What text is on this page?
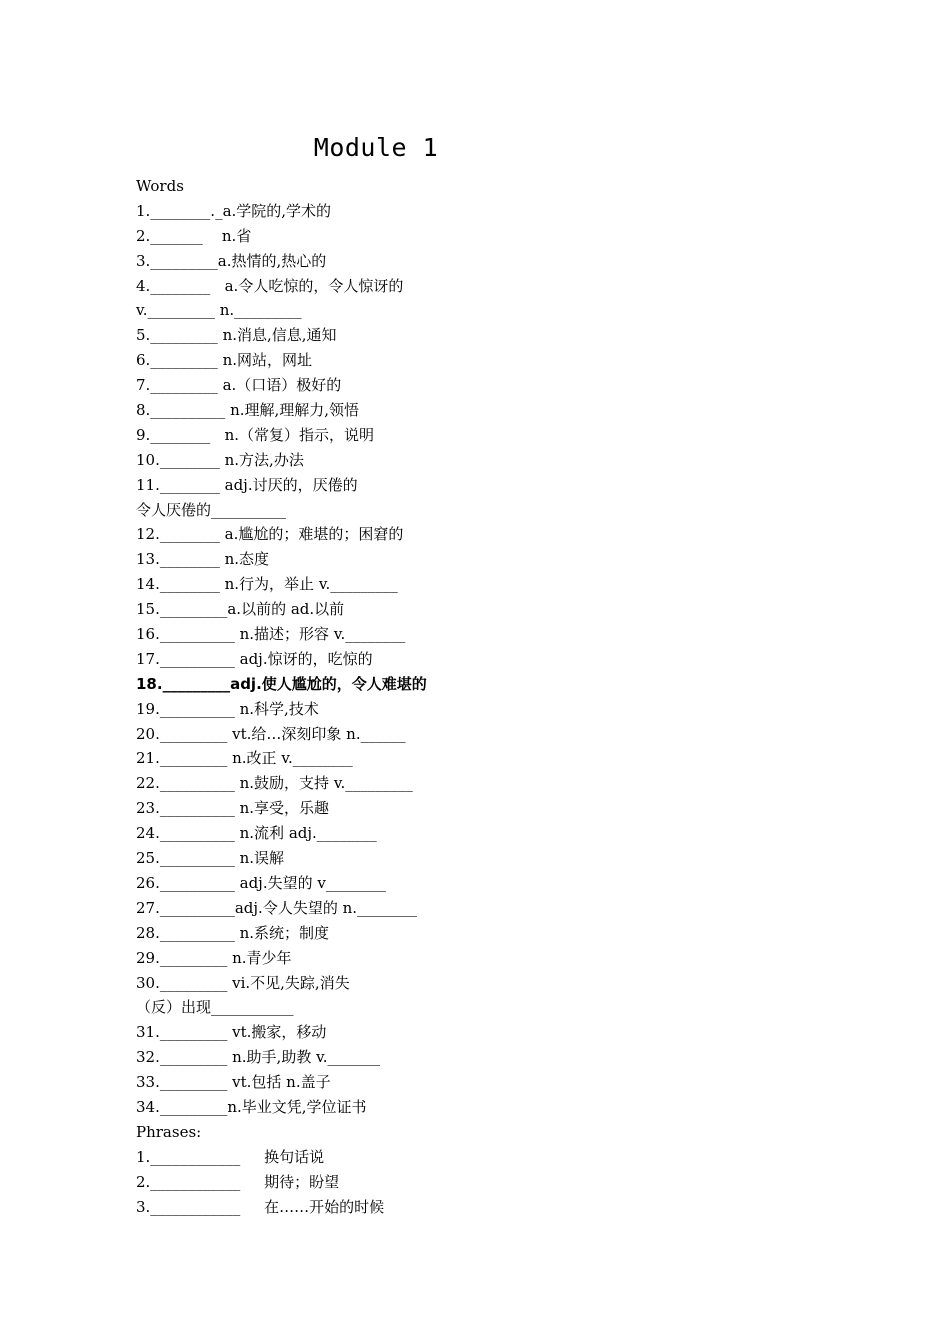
Module 1
Words
1.________._a.学院的,学术的
2._______    n.省
3._________a.热情的,热心的
4.________   a.令人吃惊的，令人惊讶的
v._________ n._________
5._________ n.消息,信息,通知
6._________ n.网站，网址
7._________ a.（口语）极好的
8.__________ n.理解,理解力,领悟
9.________   n.（常复）指示，说明
10.________ n.方法,办法
11.________ adj.讨厌的，厌倦的
令人厌倦的__________
12.________ a.尴尬的；难堪的；困窘的
13.________ n.态度
14.________ n.行为，举止 v._________
15._________a.以前的 ad.以前
16.__________ n.描述；形容 v.________
17.__________ adj.惊讶的，吃惊的
18._________adj.使人尴尬的，令人难堪的
19.__________ n.科学,技术
20._________ vt.给…深刻印象 n.______
21._________ n.改正 v.________
22.__________ n.鼓励，支持 v._________
23.__________ n.享受，乐趣
24.__________ n.流利 adj.________
25.__________ n.误解
26.__________ adj.失望的 v________
27.__________adj.令人失望的 n.________
28.__________ n.系统；制度
29._________ n.青少年
30._________ vi.不见,失踪,消失
（反）出现___________
31._________ vt.搬家，移动
32._________ n.助手,助教 v._______
33._________ vt.包括 n.盖子
34._________n.毕业文凭,学位证书
Phrases:
1.____________     换句话说
2.____________     期待；盼望
3.____________     在……开始的时候
